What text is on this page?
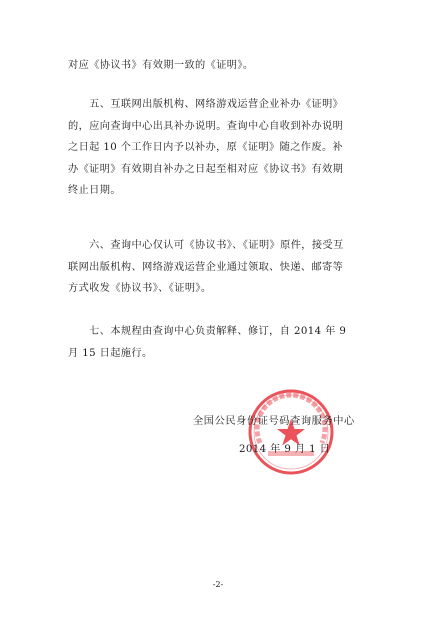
对应《协议书》有效期一致的《证明》。
　　五、互联网出版机构、网络游戏运营企业补办《证明》
的，应向查询中心出具补办说明。查询中心自收到补办说明
之日起 10 个工作日内予以补办，原《证明》随之作废。补
办《证明》有效期自补办之日起至相对应《协议书》有效期
终止日期。
　　六、查询中心仅认可《协议书》、《证明》原件，接受互
联网出版机构、网络游戏运营企业通过领取、快递、邮寄等
方式收发《协议书》、《证明》。
　　七、本规程由查询中心负责解释、修订，自 2014 年 9
月 15 日起施行。
全国公民身份证号码查询服务中心
2014 年 9 月 1 日
-2-
